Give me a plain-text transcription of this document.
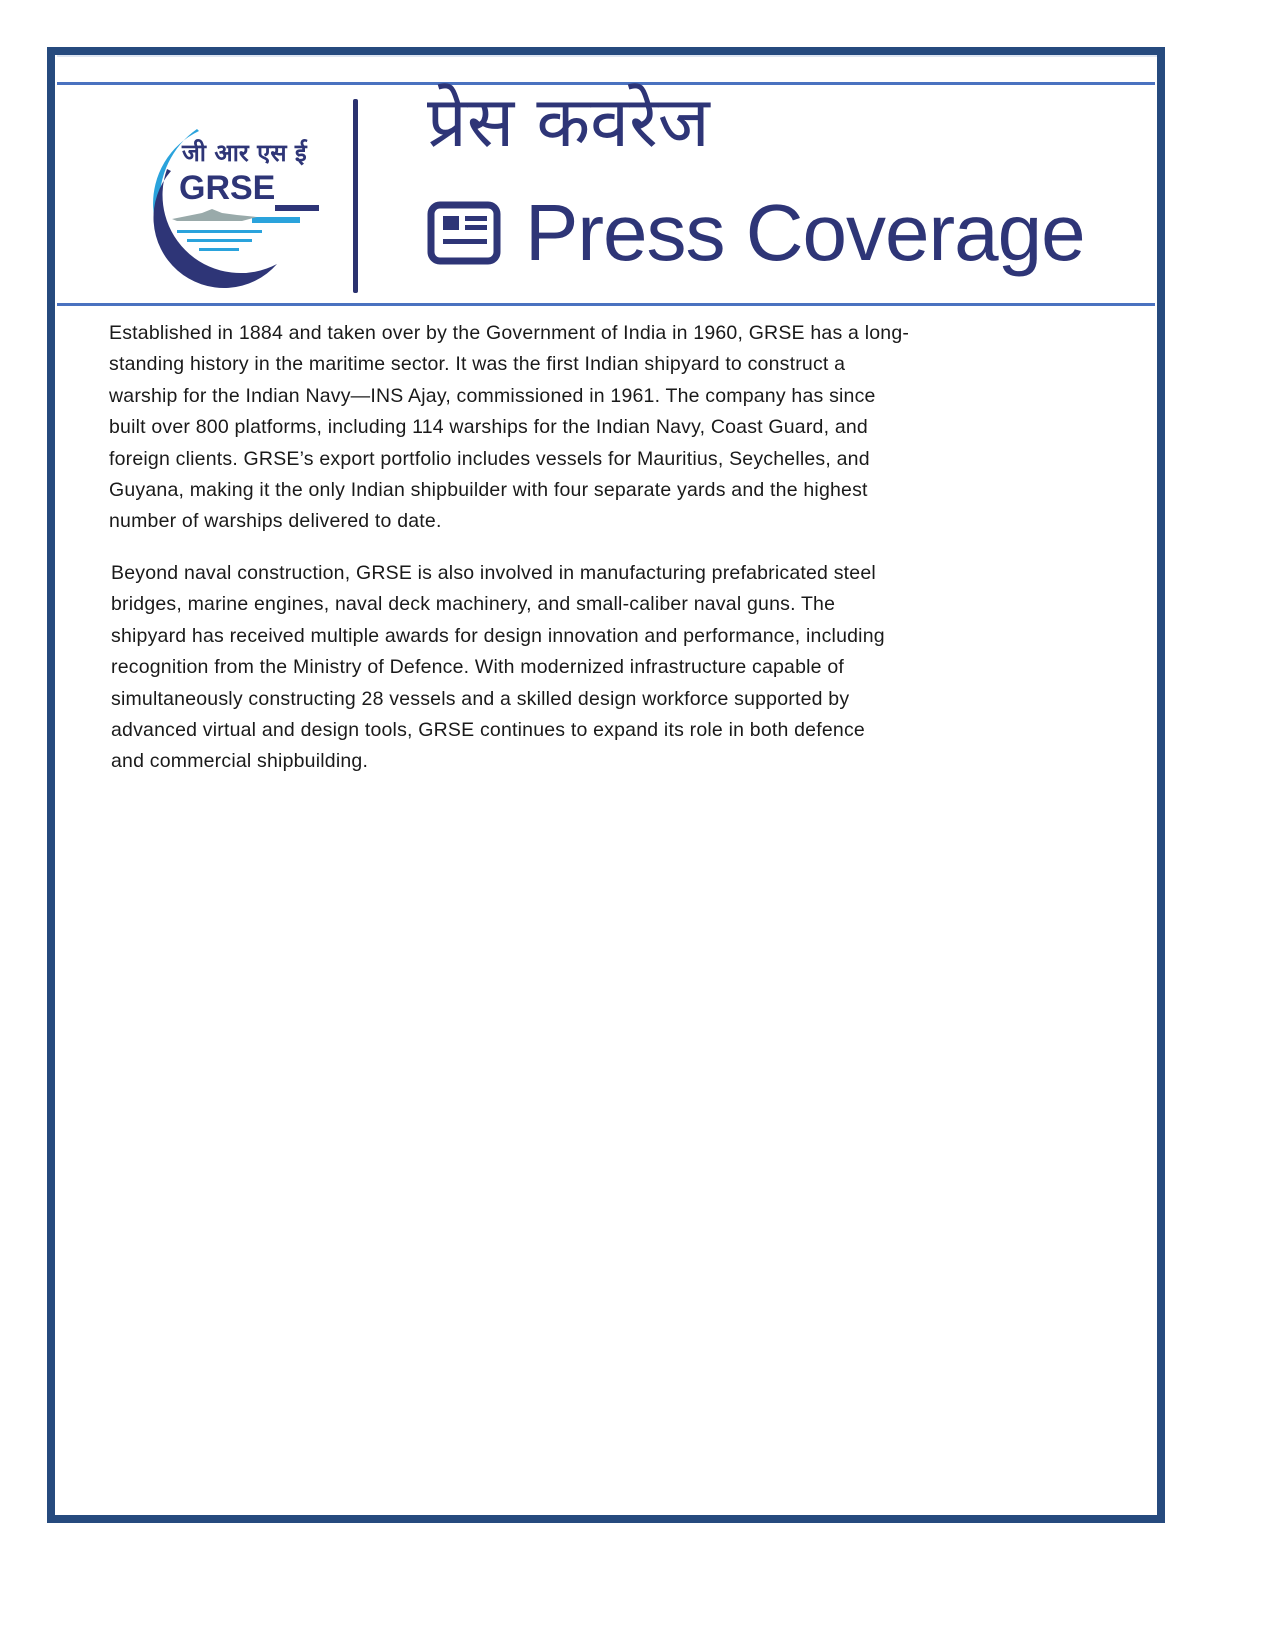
जी आर एस ई
GRSE
प्रेस कवरेज
Press Coverage
Established in 1884 and taken over by the Government of India in 1960, GRSE has a long-
standing history in the maritime sector. It was the first Indian shipyard to construct a
warship for the Indian Navy—INS Ajay, commissioned in 1961. The company has since
built over 800 platforms, including 114 warships for the Indian Navy, Coast Guard, and
foreign clients. GRSE’s export portfolio includes vessels for Mauritius, Seychelles, and
Guyana, making it the only Indian shipbuilder with four separate yards and the highest
number of warships delivered to date.
Beyond naval construction, GRSE is also involved in manufacturing prefabricated steel
bridges, marine engines, naval deck machinery, and small-caliber naval guns. The
shipyard has received multiple awards for design innovation and performance, including
recognition from the Ministry of Defence. With modernized infrastructure capable of
simultaneously constructing 28 vessels and a skilled design workforce supported by
advanced virtual and design tools, GRSE continues to expand its role in both defence
and commercial shipbuilding.
